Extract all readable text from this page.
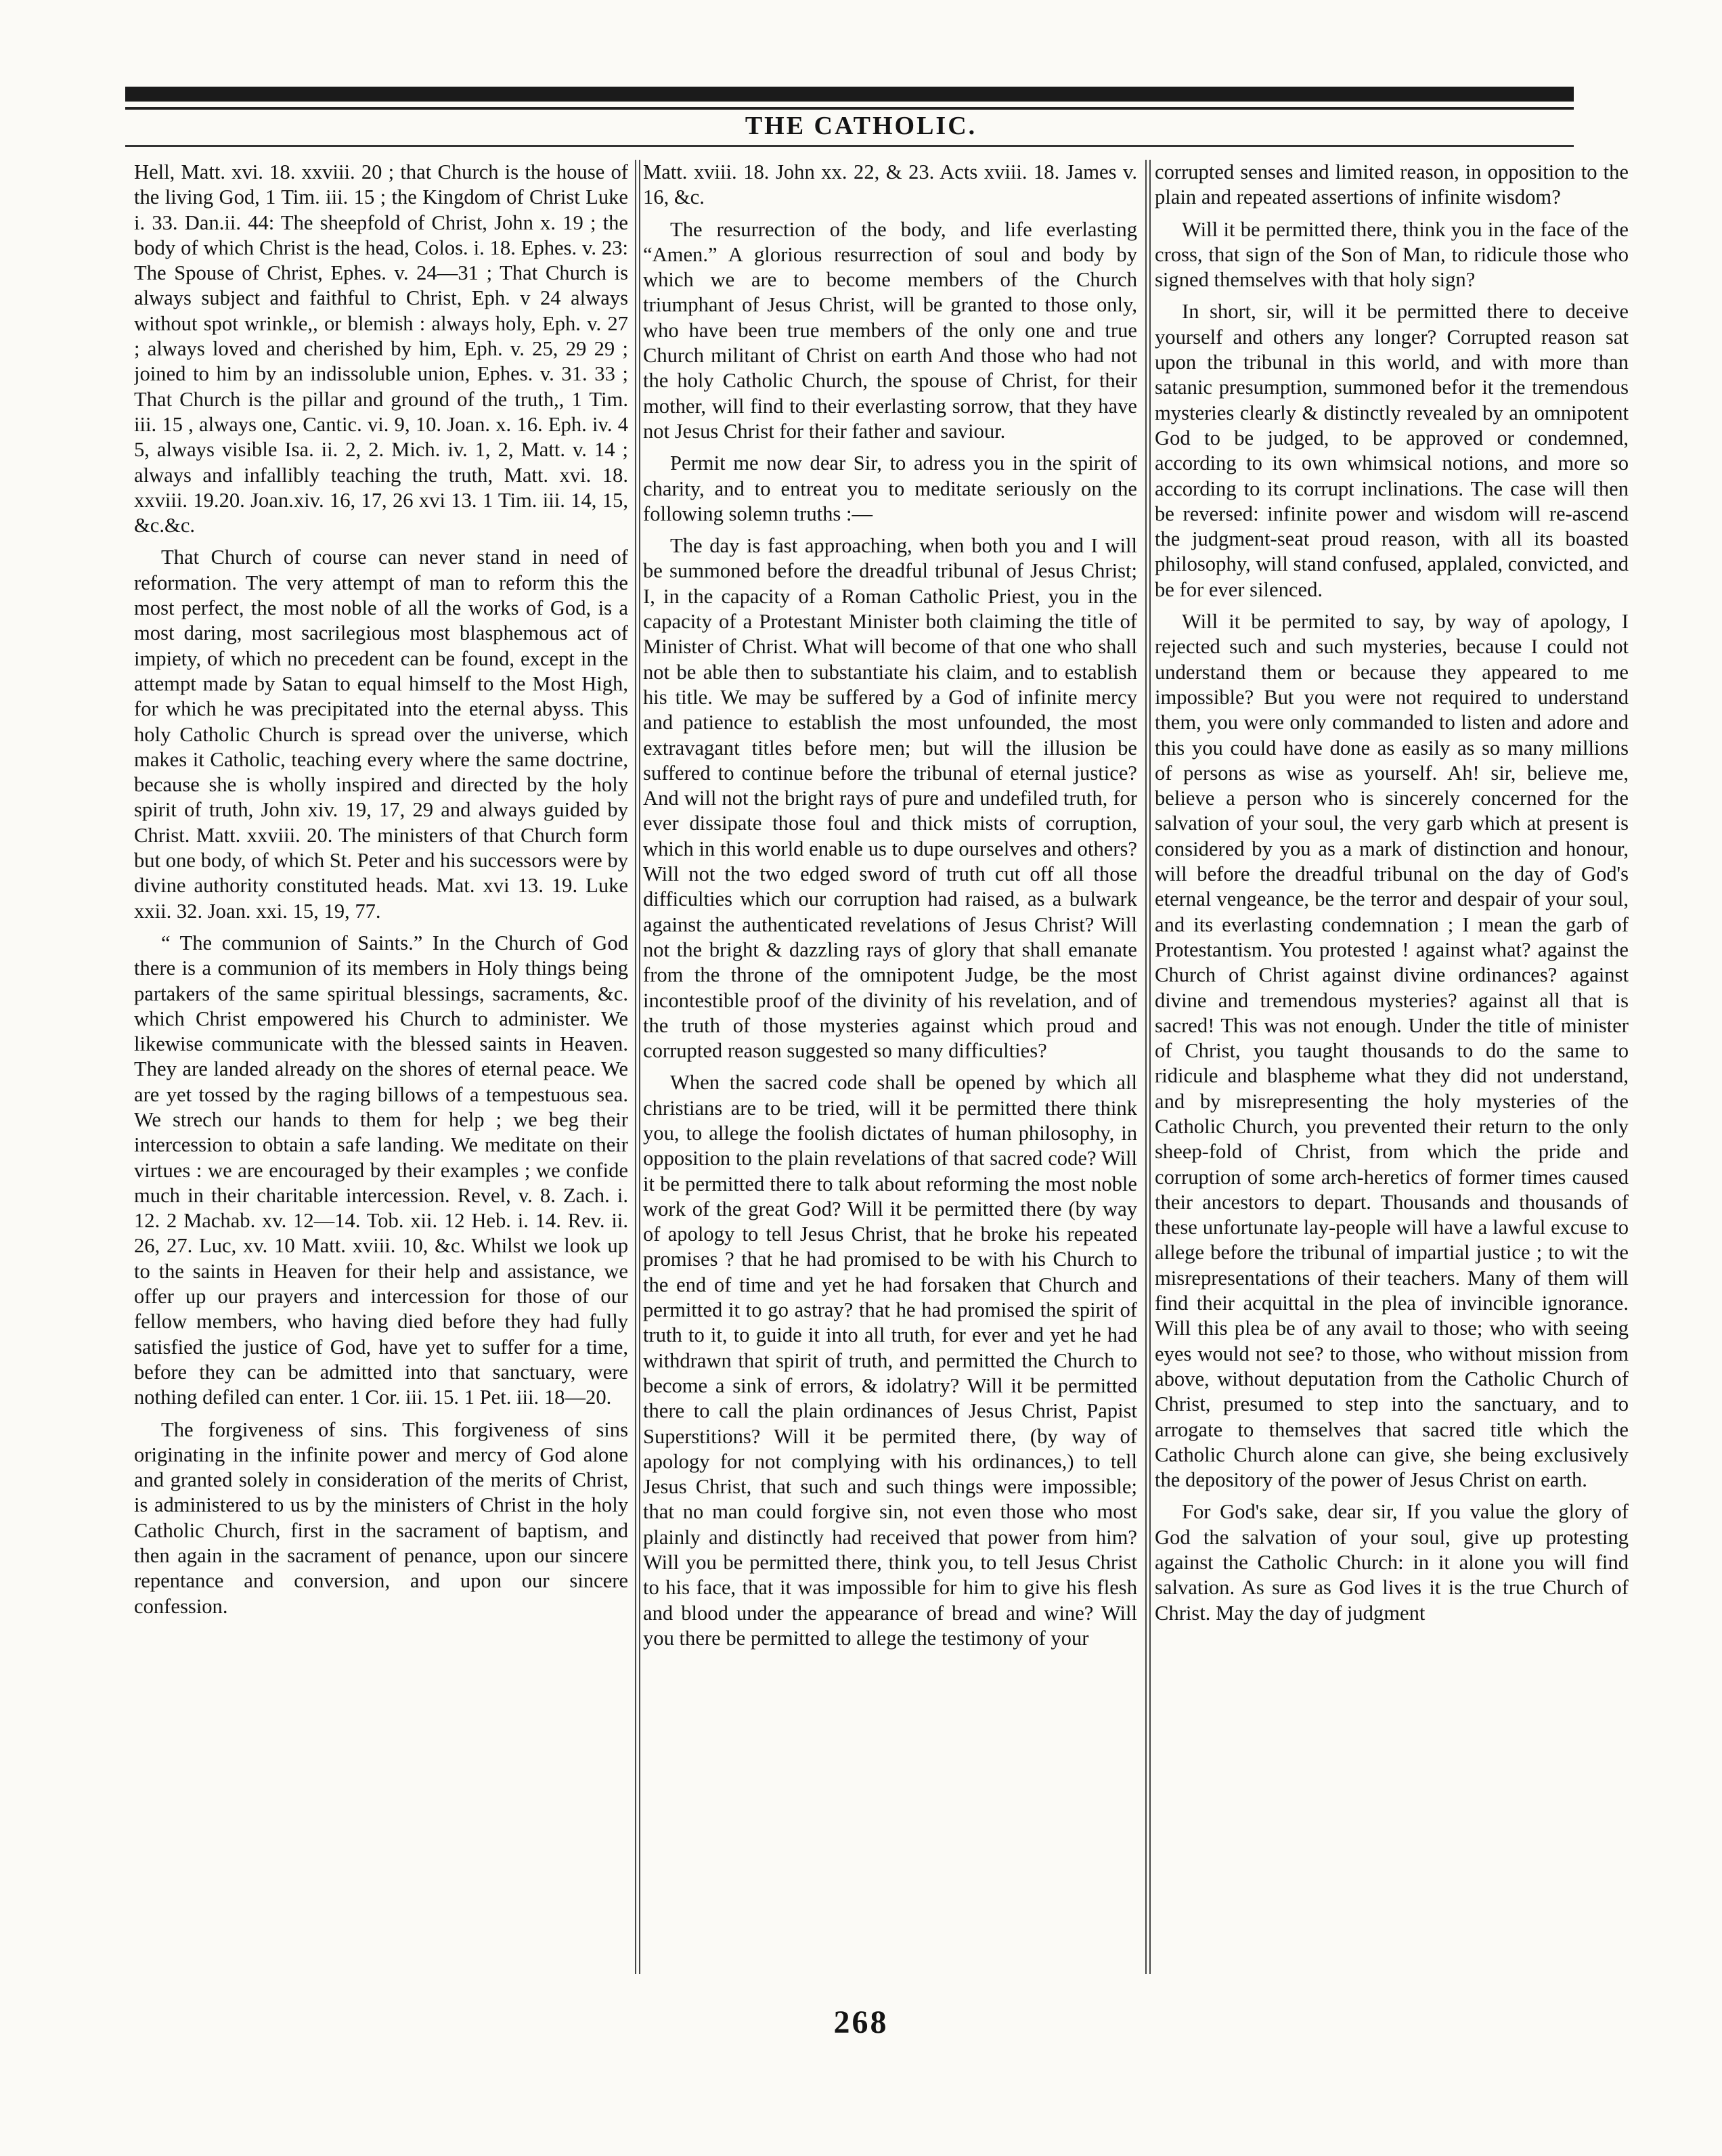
THE CATHOLIC.

Hell, Matt. xvi. 18. xxviii. 20 ; that Church is the house of the living God, 1 Tim. iii. 15 ; the Kingdom of Christ Luke i. 33. Dan.ii. 44: The sheepfold of Christ, John x. 19 ; the body of which Christ is the head, Colos. i. 18. Ephes. v. 23: The Spouse of Christ, Ephes. v. 24—31 ; That Church is always subject and faithful to Christ, Eph. v 24 always without spot wrinkle,, or blemish : always holy, Eph. v. 27 ; always loved and cherished by him, Eph. v. 25, 29 29 ; joined to him by an indissoluble union, Ephes. v. 31. 33 ; That Church is the pillar and ground of the truth,, 1 Tim. iii. 15 , always one, Cantic. vi. 9, 10. Joan. x. 16. Eph. iv. 4 5, always visible Isa. ii. 2, 2. Mich. iv. 1, 2, Matt. v. 14 ; always and infallibly teaching the truth, Matt. xvi. 18. xxviii. 19.20. Joan.xiv. 16, 17, 26 xvi 13. 1 Tim. iii. 14, 15, &c.&c.

That Church of course can never stand in need of reformation. The very attempt of man to reform this the most perfect, the most noble of all the works of God, is a most daring, most sacrilegious most blasphemous act of impiety, of which no precedent can be found, except in the attempt made by Satan to equal himself to the Most High, for which he was precipitated into the eternal abyss. This holy Catholic Church is spread over the universe, which makes it Catholic, teaching every where the same doctrine, because she is wholly inspired and directed by the holy spirit of truth, John xiv. 19, 17, 29 and always guided by Christ. Matt. xxviii. 20. The ministers of that Church form but one body, of which St. Peter and his successors were by divine authority constituted heads. Mat. xvi 13. 19. Luke xxii. 32. Joan. xxi. 15, 19, 77.

“ The communion of Saints.” In the Church of God there is a communion of its members in Holy things being partakers of the same spiritual blessings, sacraments, &c. which Christ empowered his Church to administer. We likewise communicate with the blessed saints in Heaven. They are landed already on the shores of eternal peace. We are yet tossed by the raging billows of a tempestuous sea. We strech our hands to them for help ; we beg their intercession to obtain a safe landing. We meditate on their virtues : we are encouraged by their examples ; we confide much in their charitable intercession. Revel, v. 8. Zach. i. 12. 2 Machab. xv. 12—14. Tob. xii. 12 Heb. i. 14. Rev. ii. 26, 27. Luc, xv. 10 Matt. xviii. 10, &c. Whilst we look up to the saints in Heaven for their help and assistance, we offer up our prayers and intercession for those of our fellow members, who having died before they had fully satisfied the justice of God, have yet to suffer for a time, before they can be admitted into that sanctuary, were nothing defiled can enter. 1 Cor. iii. 15. 1 Pet. iii. 18—20.

The forgiveness of sins. This forgiveness of sins originating in the infinite power and mercy of God alone and granted solely in consideration of the merits of Christ, is administered to us by the ministers of Christ in the holy Catholic Church, first in the sacrament of baptism, and then again in the sacrament of penance, upon our sincere repentance and conversion, and upon our sincere confession.

Matt. xviii. 18. John xx. 22, & 23. Acts xviii. 18. James v. 16, &c.

The resurrection of the body, and life everlasting “Amen.” A glorious resurrection of soul and body by which we are to become members of the Church triumphant of Jesus Christ, will be granted to those only, who have been true members of the only one and true Church militant of Christ on earth And those who had not the holy Catholic Church, the spouse of Christ, for their mother, will find to their everlasting sorrow, that they have not Jesus Christ for their father and saviour.

Permit me now dear Sir, to adress you in the spirit of charity, and to entreat you to meditate seriously on the following solemn truths :—

The day is fast approaching, when both you and I will be summoned before the dreadful tribunal of Jesus Christ; I, in the capacity of a Roman Catholic Priest, you in the capacity of a Protestant Minister both claiming the title of Minister of Christ. What will become of that one who shall not be able then to substantiate his claim, and to establish his title. We may be suffered by a God of infinite mercy and patience to establish the most unfounded, the most extravagant titles before men; but will the illusion be suffered to continue before the tribunal of eternal justice? And will not the bright rays of pure and undefiled truth, for ever dissipate those foul and thick mists of corruption, which in this world enable us to dupe ourselves and others? Will not the two edged sword of truth cut off all those difficulties which our corruption had raised, as a bulwark against the authenticated revelations of Jesus Christ? Will not the bright & dazzling rays of glory that shall emanate from the throne of the omnipotent Judge, be the most incontestible proof of the divinity of his revelation, and of the truth of those mysteries against which proud and corrupted reason suggested so many difficulties?

When the sacred code shall be opened by which all christians are to be tried, will it be permitted there think you, to allege the foolish dictates of human philosophy, in opposition to the plain revelations of that sacred code? Will it be permitted there to talk about reforming the most noble work of the great God? Will it be permitted there (by way of apology to tell Jesus Christ, that he broke his repeated promises ? that he had promised to be with his Church to the end of time and yet he had forsaken that Church and permitted it to go astray? that he had promised the spirit of truth to it, to guide it into all truth, for ever and yet he had withdrawn that spirit of truth, and permitted the Church to become a sink of errors, & idolatry? Will it be permitted there to call the plain ordinances of Jesus Christ, Papist Superstitions? Will it be permited there, (by way of apology for not complying with his ordinances,) to tell Jesus Christ, that such and such things were impossible; that no man could forgive sin, not even those who most plainly and distinctly had received that power from him? Will you be permitted there, think you, to tell Jesus Christ to his face, that it was impossible for him to give his flesh and blood under the appearance of bread and wine? Will you there be permitted to allege the testimony of your

corrupted senses and limited reason, in opposition to the plain and repeated assertions of infinite wisdom?

Will it be permitted there, think you in the face of the cross, that sign of the Son of Man, to ridicule those who signed themselves with that holy sign?

In short, sir, will it be permitted there to deceive yourself and others any longer? Corrupted reason sat upon the tribunal in this world, and with more than satanic presumption, summoned befor it the tremendous mysteries clearly & distinctly revealed by an omnipotent God to be judged, to be approved or condemned, according to its own whimsical notions, and more so according to its corrupt inclinations. The case will then be reversed: infinite power and wisdom will re-ascend the judgment-seat proud reason, with all its boasted philosophy, will stand confused, applaled, convicted, and be for ever silenced.

Will it be permited to say, by way of apology, I rejected such and such mysteries, because I could not understand them or because they appeared to me impossible? But you were not required to understand them, you were only commanded to listen and adore and this you could have done as easily as so many millions of persons as wise as yourself. Ah! sir, believe me, believe a person who is sincerely concerned for the salvation of your soul, the very garb which at present is considered by you as a mark of distinction and honour, will before the dreadful tribunal on the day of God's eternal vengeance, be the terror and despair of your soul, and its everlasting condemnation ; I mean the garb of Protestantism. You protested ! against what? against the Church of Christ against divine ordinances? against divine and tremendous mysteries? against all that is sacred! This was not enough. Under the title of minister of Christ, you taught thousands to do the same to ridicule and blaspheme what they did not understand, and by misrepresenting the holy mysteries of the Catholic Church, you prevented their return to the only sheep-fold of Christ, from which the pride and corruption of some arch-heretics of former times caused their ancestors to depart. Thousands and thousands of these unfortunate lay-people will have a lawful excuse to allege before the tribunal of impartial justice ; to wit the misrepresentations of their teachers. Many of them will find their acquittal in the plea of invincible ignorance. Will this plea be of any avail to those; who with seeing eyes would not see? to those, who without mission from above, without deputation from the Catholic Church of Christ, presumed to step into the sanctuary, and to arrogate to themselves that sacred title which the Catholic Church alone can give, she being exclusively the depository of the power of Jesus Christ on earth.

For God's sake, dear sir, If you value the glory of God the salvation of your soul, give up protesting against the Catholic Church: in it alone you will find salvation. As sure as God lives it is the true Church of Christ. May the day of judgment

268
